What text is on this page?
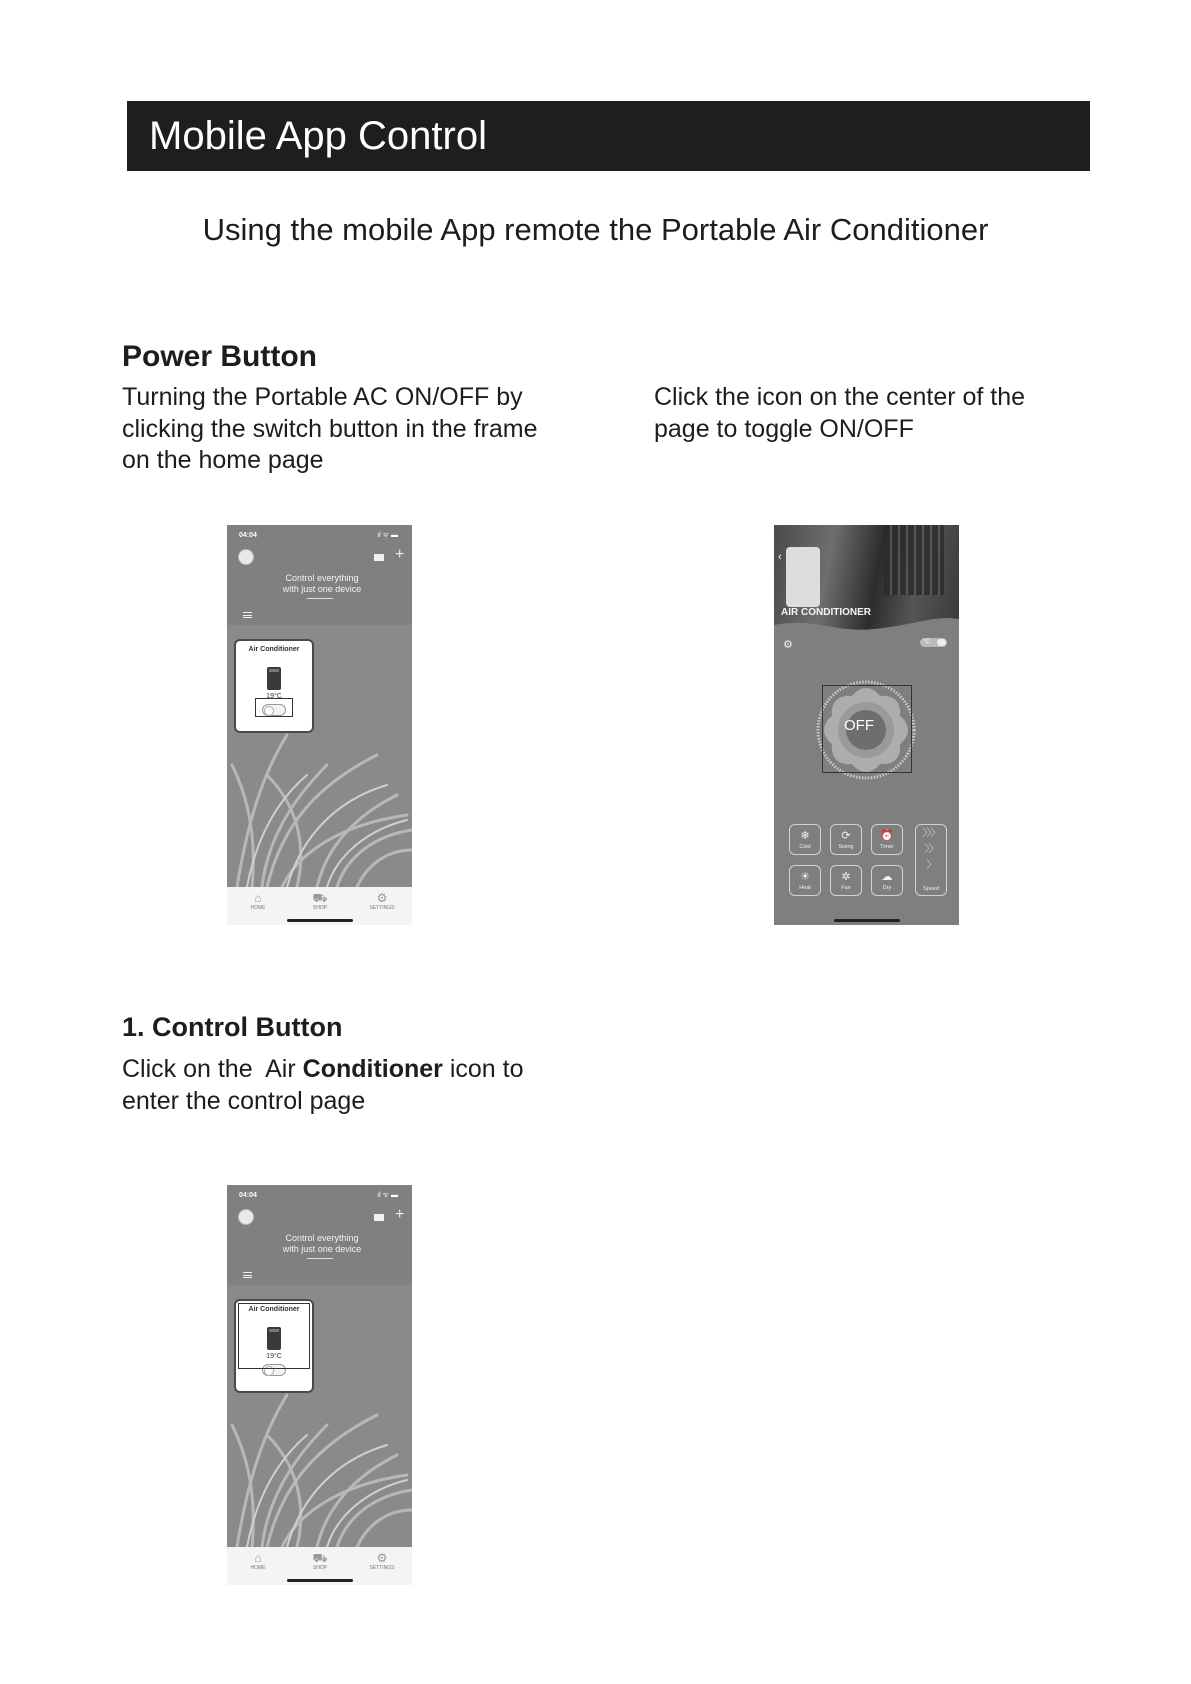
Mobile App Control
Using the mobile App remote the Portable Air Conditioner
Power Button
Turning the Portable AC ON/OFF by
clicking the switch button in the frame
on the home page
Click the icon on the center of the
page to toggle ON/OFF
04:04	ıl ᯤ ▬
+
Control everything
with just one device
Air Conditioner
19°C
⌂
HOME
⛟
SHOP
⚙
SETTINGS
‹
AIR CONDITIONER
⚙	°C
OFF
❄
Cool
⟳
Swing
⏰
Timer
☀
Heat
✲
Fan
☁
Dry
〉〉〉
〉〉
〉
Speed
1. Control Button
Click on the  Air Conditioner icon to
enter the control page
04:04	ıl ᯤ ▬
+
Control everything
with just one device
Air Conditioner
19°C
⌂
HOME
⛟
SHOP
⚙
SETTINGS
